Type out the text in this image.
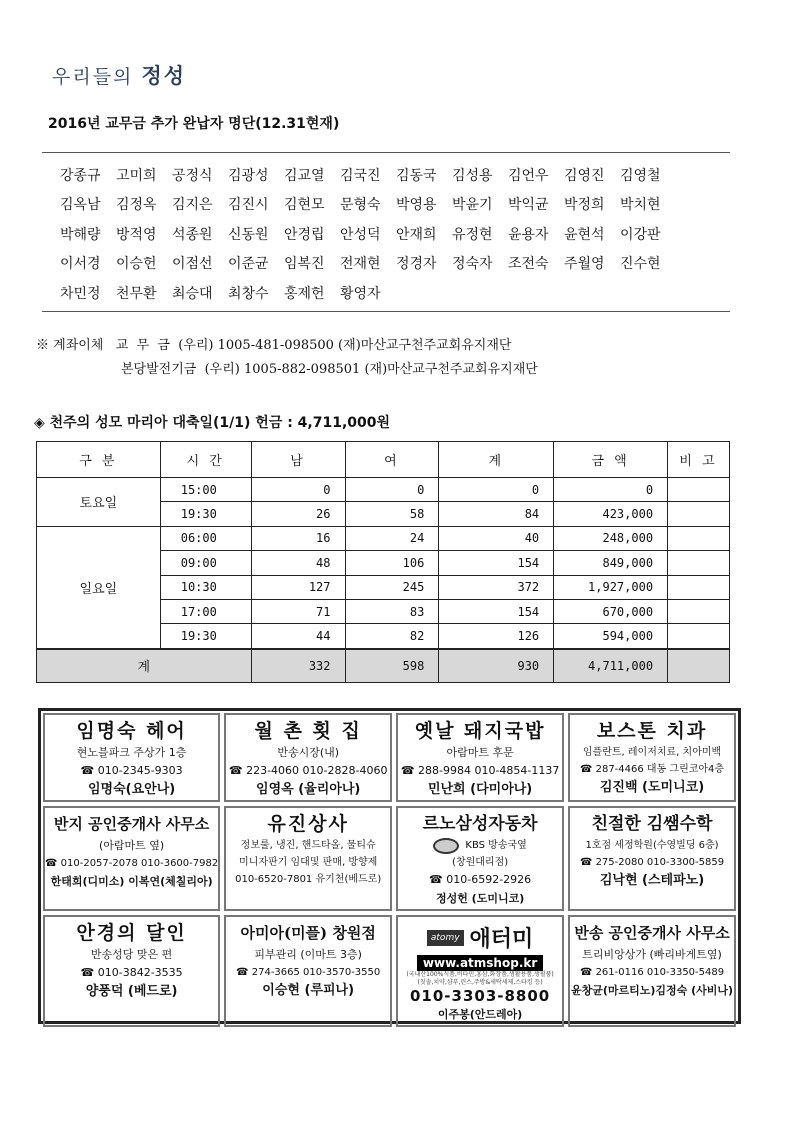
우리들의 정성
2016년 교무금 추가 완납자 명단(12.31현재)
강종규	고미희	공정식	김광성	김교열	김국진	김동국	김성용	김언우	김영진	김영철
김옥남	김정옥	김지은	김진시	김현모	문형숙	박영용	박윤기	박익균	박정희	박치현
박해량	방적영	석종원	신동원	안경립	안성덕	안재희	유정현	윤용자	윤현석	이강판
이서경	이승헌	이점선	이준균	임복진	전재현	정경자	정숙자	조전숙	주월영	진수현
차민정	천무환	최승대	최창수	홍제헌	황영자
※ 계좌이체   교  무  금  (우리) 1005-481-098500 (재)마산교구천주교회유지재단
본당발전기금  (우리) 1005-882-098501 (재)마산교구천주교회유지재단
◈ 천주의 성모 마리아 대축일(1/1) 헌금 : 4,711,000원
구 분	시 간	남	여	계	금 액	비 고
토요일	15:00	0	0	0	0	
	19:30	26	58	84	423,000	
일요일	06:00	16	24	40	248,000	
	09:00	48	106	154	849,000	
	10:30	127	245	372	1,927,000	
	17:00	71	83	154	670,000	
	19:30	44	82	126	594,000	
계		332	598	930	4,711,000	
임명숙 헤어
현노블파크 주상가 1층
☎ 010-2345-9303
임명숙(요안나)
월 촌 횟 집
반송시장(내)
☎ 223-4060 010-2828-4060
임영옥 (율리아나)
옛날 돼지국밥
아람마트 후문
☎ 288-9984 010-4854-1137
민난희 (다미아나)
보스톤 치과
임플란트, 레이저치료, 치아미백
☎ 287-4466 대동 그린코아4층
김진백 (도미니코)
반지 공인중개사 사무소
(아람마트 옆)
☎ 010-2057-2078 010-3600-7982
한태희(디미소) 이복연(체칠리아)
유진상사
정보룰, 냉진, 핸드타올, 물티슈
미니자판기 임대및 판매, 방향제
010-6520-7801 유기천(베드로)
르노삼성자동차
KBS 방송국옆
(창원대리점)
☎ 010-6592-2926
정성헌 (도미니코)
친절한 김쌤수학
1호점 세정학원(수영빌딩 6층)
☎ 275-2080 010-3300-5859
김낙현 (스테파노)
안경의 달인
반송성당 맞은 편
☎ 010-3842-3535
양풍덕 (베드로)
아미아(미플) 창원점
피부관리 (이마트 3층)
☎ 274-3665 010-3570-3550
이승현 (루피나)
atomy 애터미
www.atmshop.kr
(국내산100%식품,비타민,홍삼,화장품,생활용품,생필품)
(칫솔,치약,샴푸,린스,주방&세탁세제,스타킹 등)
010-3303-8800
이주봉(안드레아)
반송 공인중개사 사무소
트리비앙상가 (빠리바게트옆)
☎ 261-0116 010-3350-5489
윤창균(마르티노)김정숙 (사비나)
